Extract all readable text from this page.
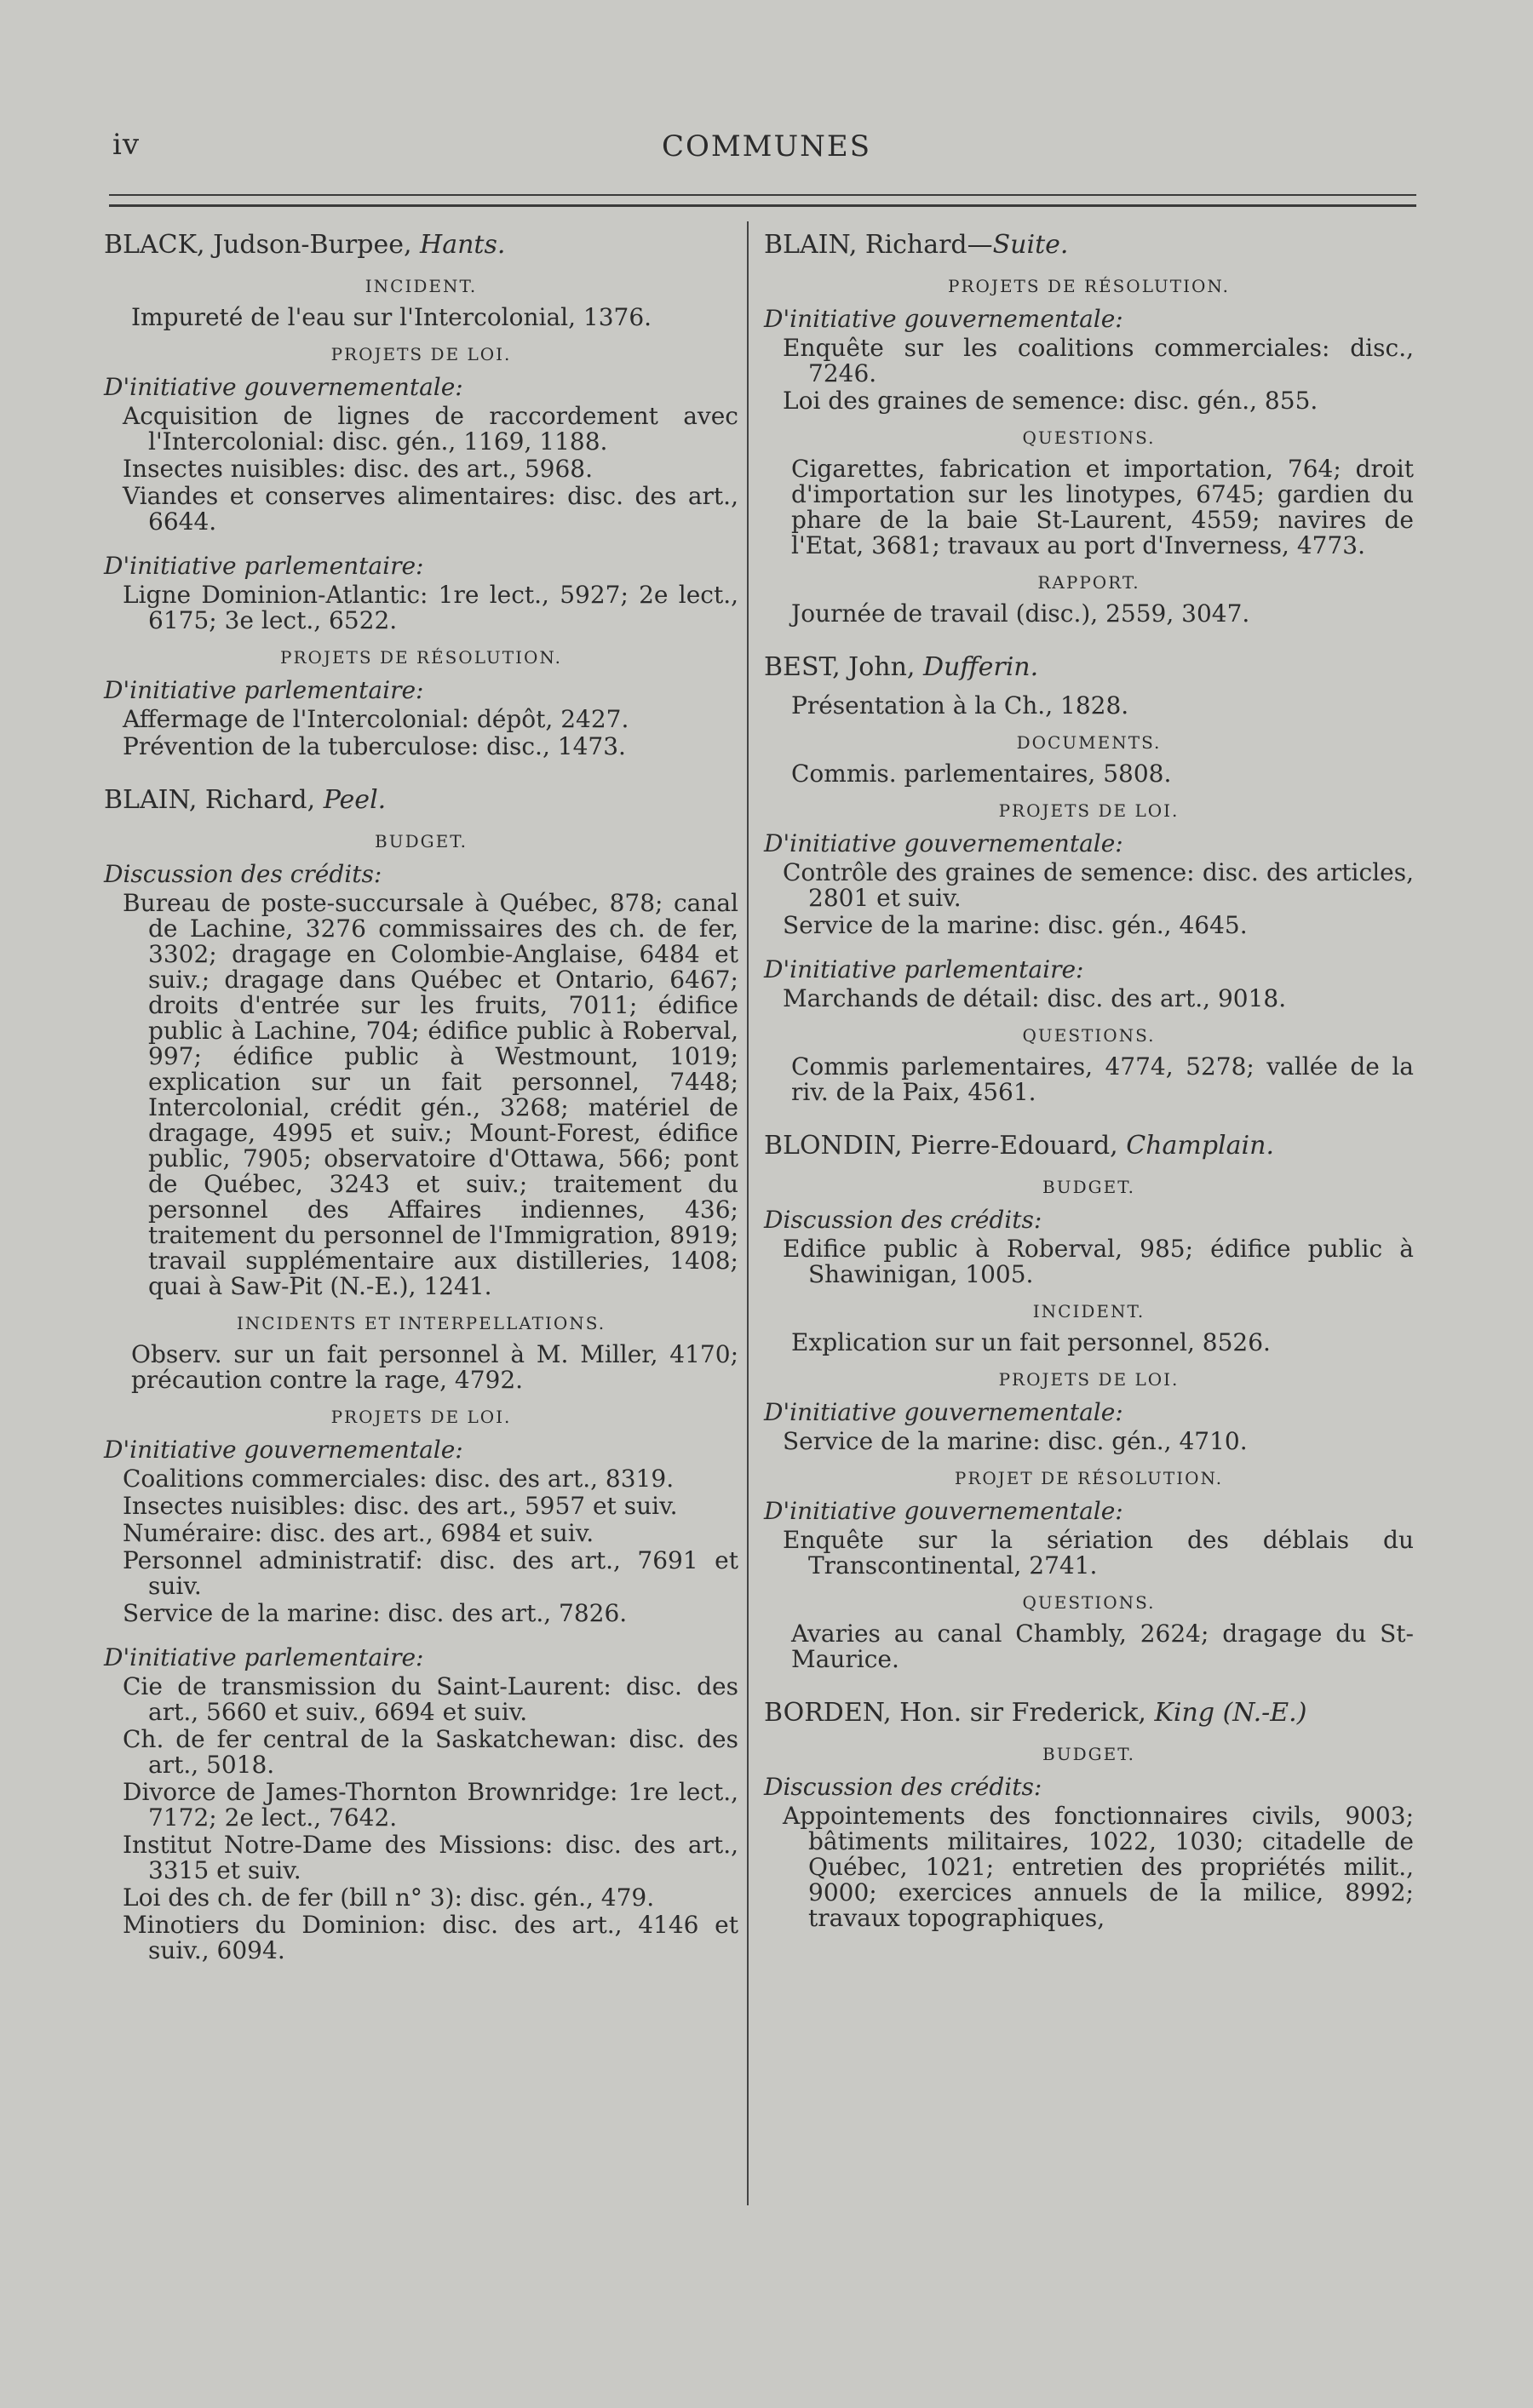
iv	COMMUNES

BLACK, Judson-Burpee, Hants.

INCIDENT.

Impureté de l'eau sur l'Intercolonial, 1376.

PROJETS DE LOI.
D'initiative gouvernementale:

Acquisition de lignes de raccordement avec l'Intercolonial: disc. gén., 1169, 1188.

Insectes nuisibles: disc. des art., 5968.

Viandes et conserves alimentaires: disc. des art., 6644.

D'initiative parlementaire:

Ligne Dominion-Atlantic: 1re lect., 5927; 2e lect., 6175; 3e lect., 6522.

PROJETS DE RÉSOLUTION.
D'initiative parlementaire:

Affermage de l'Intercolonial: dépôt, 2427.

Prévention de la tuberculose: disc., 1473.

BLAIN, Richard, Peel.

BUDGET.
Discussion des crédits:

Bureau de poste-succursale à Québec, 878; canal de Lachine, 3276 commissaires des ch. de fer, 3302; dragage en Colombie-Anglaise, 6484 et suiv.; dragage dans Québec et Ontario, 6467; droits d'entrée sur les fruits, 7011; édifice public à Lachine, 704; édifice public à Roberval, 997; édifice public à Westmount, 1019; explication sur un fait personnel, 7448; Intercolonial, crédit gén., 3268; matériel de dragage, 4995 et suiv.; Mount-Forest, édifice public, 7905; observatoire d'Ottawa, 566; pont de Québec, 3243 et suiv.; traitement du personnel des Affaires indiennes, 436; traitement du personnel de l'Immigration, 8919; travail supplémentaire aux distilleries, 1408; quai à Saw-Pit (N.-E.), 1241.

INCIDENTS ET INTERPELLATIONS.

Observ. sur un fait personnel à M. Miller, 4170; précaution contre la rage, 4792.

PROJETS DE LOI.
D'initiative gouvernementale:

Coalitions commerciales: disc. des art., 8319.

Insectes nuisibles: disc. des art., 5957 et suiv.

Numéraire: disc. des art., 6984 et suiv.

Personnel administratif: disc. des art., 7691 et suiv.

Service de la marine: disc. des art., 7826.

D'initiative parlementaire:

Cie de transmission du Saint-Laurent: disc. des art., 5660 et suiv., 6694 et suiv.

Ch. de fer central de la Saskatchewan: disc. des art., 5018.

Divorce de James-Thornton Brownridge: 1re lect., 7172; 2e lect., 7642.

Institut Notre-Dame des Missions: disc. des art., 3315 et suiv.

Loi des ch. de fer (bill n° 3): disc. gén., 479.

Minotiers du Dominion: disc. des art., 4146 et suiv., 6094.

BLAIN, Richard—Suite.

PROJETS DE RÉSOLUTION.
D'initiative gouvernementale:

Enquête sur les coalitions commerciales: disc., 7246.

Loi des graines de semence: disc. gén., 855.

QUESTIONS.

Cigarettes, fabrication et importation, 764; droit d'importation sur les linotypes, 6745; gardien du phare de la baie St-Laurent, 4559; navires de l'Etat, 3681; travaux au port d'Inverness, 4773.

RAPPORT.

Journée de travail (disc.), 2559, 3047.

BEST, John, Dufferin.

Présentation à la Ch., 1828.

DOCUMENTS.

Commis. parlementaires, 5808.

PROJETS DE LOI.
D'initiative gouvernementale:

Contrôle des graines de semence: disc. des articles, 2801 et suiv.

Service de la marine: disc. gén., 4645.

D'initiative parlementaire:

Marchands de détail: disc. des art., 9018.

QUESTIONS.

Commis parlementaires, 4774, 5278; vallée de la riv. de la Paix, 4561.

BLONDIN, Pierre-Edouard, Champlain.

BUDGET.
Discussion des crédits:

Edifice public à Roberval, 985; édifice public à Shawinigan, 1005.

INCIDENT.

Explication sur un fait personnel, 8526.

PROJETS DE LOI.
D'initiative gouvernementale:

Service de la marine: disc. gén., 4710.

PROJET DE RÉSOLUTION.
D'initiative gouvernementale:

Enquête sur la sériation des déblais du Transcontinental, 2741.

QUESTIONS.

Avaries au canal Chambly, 2624; dragage du St-Maurice.

BORDEN, Hon. sir Frederick, King (N.-E.)

BUDGET.
Discussion des crédits:

Appointements des fonctionnaires civils, 9003; bâtiments militaires, 1022, 1030; citadelle de Québec, 1021; entretien des propriétés milit., 9000; exercices annuels de la milice, 8992; travaux topographiques,
